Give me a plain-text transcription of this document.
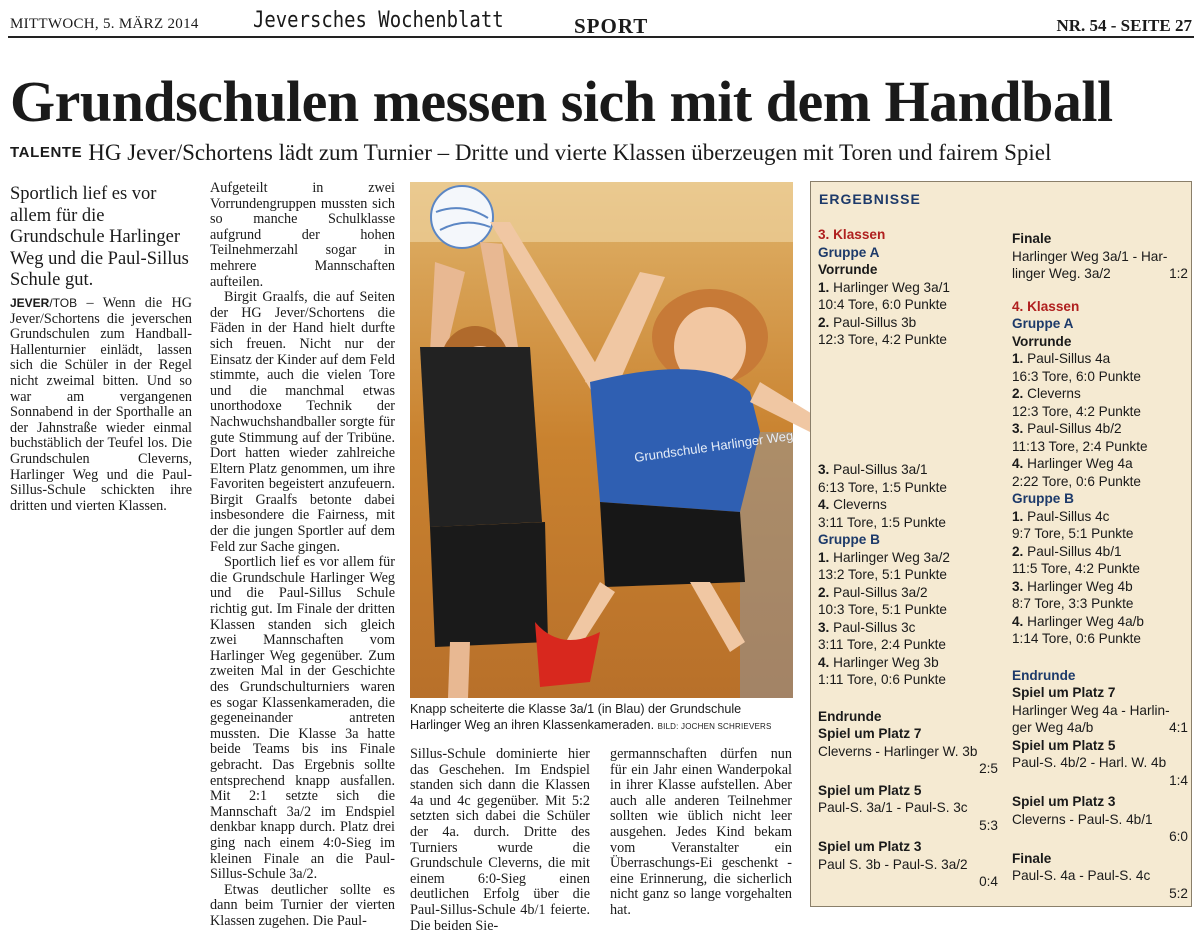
MITTWOCH, 5. MÄRZ 2014 Jeversches Wochenblatt	SPORT	NR. 54 - SEITE 27
Grundschulen messen sich mit dem Handball
TALENTE HG Jever/Schortens lädt zum Turnier – Dritte und vierte Klassen überzeugen mit Toren und fairem Spiel
Sportlich lief es vor allem für die Grundschule Harlinger Weg und die Paul-Sillus Schule gut.

JEVER/TOB – Wenn die HG Jever/Schortens die jeverschen Grundschulen zum Handball-Hallenturnier einlädt, lassen sich die Schüler in der Regel nicht zweimal bitten. Und so war am vergangenen Sonnabend in der Sporthalle an der Jahnstraße wieder einmal buchstäblich der Teufel los. Die Grundschulen Cleverns, Harlinger Weg und die Paul-Sillus-Schule schickten ihre dritten und vierten Klassen.

Aufgeteilt in zwei Vorrundengruppen mussten sich so manche Schulklasse aufgrund der hohen Teilnehmerzahl sogar in mehrere Mannschaften aufteilen.

Birgit Graalfs, die auf Seiten der HG Jever/Schortens die Fäden in der Hand hielt durfte sich freuen. Nicht nur der Einsatz der Kinder auf dem Feld stimmte, auch die vielen Tore und die manchmal etwas unorthodoxe Technik der Nachwuchshandballer sorgte für gute Stimmung auf der Tribüne. Dort hatten wieder zahlreiche Eltern Platz genommen, um ihre Favoriten begeistert anzufeuern. Birgit Graalfs betonte dabei insbesondere die Fairness, mit der die jungen Sportler auf dem Feld zur Sache gingen.

Sportlich lief es vor allem für die Grundschule Harlinger Weg und die Paul-Sillus Schule richtig gut. Im Finale der dritten Klassen standen sich gleich zwei Mannschaften vom Harlinger Weg gegenüber. Zum zweiten Mal in der Geschichte des Grundschulturniers waren es sogar Klassenkameraden, die gegeneinander antreten mussten. Die Klasse 3a hatte beide Teams bis ins Finale gebracht. Das Ergebnis sollte entsprechend knapp ausfallen. Mit 2:1 setzte sich die Mannschaft 3a/2 im Endspiel denkbar knapp durch. Platz drei ging nach einem 4:0-Sieg im kleinen Finale an die Paul-Sillus-Schule 3a/2.

Etwas deutlicher sollte es dann beim Turnier der vierten Klassen zugehen. Die Paul-

Grundschule Harlinger Weg
Knapp scheiterte die Klasse 3a/1 (in Blau) der Grundschule Harlinger Weg an ihren Klassenkameraden. BILD: JOCHEN SCHRIEVERS
Sillus-Schule dominierte hier das Geschehen. Im Endspiel standen sich dann die Klassen 4a und 4c gegenüber. Mit 5:2 setzten sich dabei die Schüler der 4a. durch. Dritte des Turniers wurde die Grundschule Cleverns, die mit einem 6:0-Sieg einen deutlichen Erfolg über die Paul-Sillus-Schule 4b/1 feierte. Die beiden Sie-
germannschaften dürfen nun für ein Jahr einen Wanderpokal in ihrer Klasse aufstellen. Aber auch alle anderen Teilnehmer sollten wie üblich nicht leer ausgehen. Jedes Kind bekam vom Veranstalter ein Überraschungs-Ei geschenkt - eine Erinnerung, die sicherlich nicht ganz so lange vorgehalten hat.
ERGEBNISSE
3. Klassen
Gruppe A
Vorrunde
1. Harlinger Weg 3a/1
10:4 Tore, 6:0 Punkte
2. Paul-Sillus 3b
12:3 Tore, 4:2 Punkte
3. Paul-Sillus 3a/1
6:13 Tore, 1:5 Punkte
4. Cleverns
3:11 Tore, 1:5 Punkte
Gruppe B
1. Harlinger Weg 3a/2
13:2 Tore, 5:1 Punkte
2. Paul-Sillus 3a/2
10:3 Tore, 5:1 Punkte
3. Paul-Sillus 3c
3:11 Tore, 2:4 Punkte
4. Harlinger Weg 3b
1:11 Tore, 0:6 Punkte
Endrunde
Spiel um Platz 7
Cleverns - Harlinger W. 3b
2:5
Spiel um Platz 5
Paul-S. 3a/1 - Paul-S. 3c
5:3
Spiel um Platz 3
Paul S. 3b - Paul-S. 3a/2
0:4
Finale
Harlinger Weg 3a/1 - Har-
linger Weg. 3a/2	1:2
4. Klassen
Gruppe A
Vorrunde
1. Paul-Sillus 4a
16:3 Tore, 6:0 Punkte
2. Cleverns
12:3 Tore, 4:2 Punkte
3. Paul-Sillus 4b/2
11:13 Tore, 2:4 Punkte
4. Harlinger Weg 4a
2:22 Tore, 0:6 Punkte
Gruppe B
1. Paul-Sillus 4c
9:7 Tore, 5:1 Punkte
2. Paul-Sillus 4b/1
11:5 Tore, 4:2 Punkte
3. Harlinger Weg 4b
8:7 Tore, 3:3 Punkte
4. Harlinger Weg 4a/b
1:14 Tore, 0:6 Punkte
Endrunde
Spiel um Platz 7
Harlinger Weg 4a - Harlin-
ger Weg 4a/b	4:1
Spiel um Platz 5
Paul-S. 4b/2 - Harl. W. 4b
1:4
Spiel um Platz 3
Cleverns - Paul-S. 4b/1
6:0
Finale
Paul-S. 4a - Paul-S. 4c
5:2
